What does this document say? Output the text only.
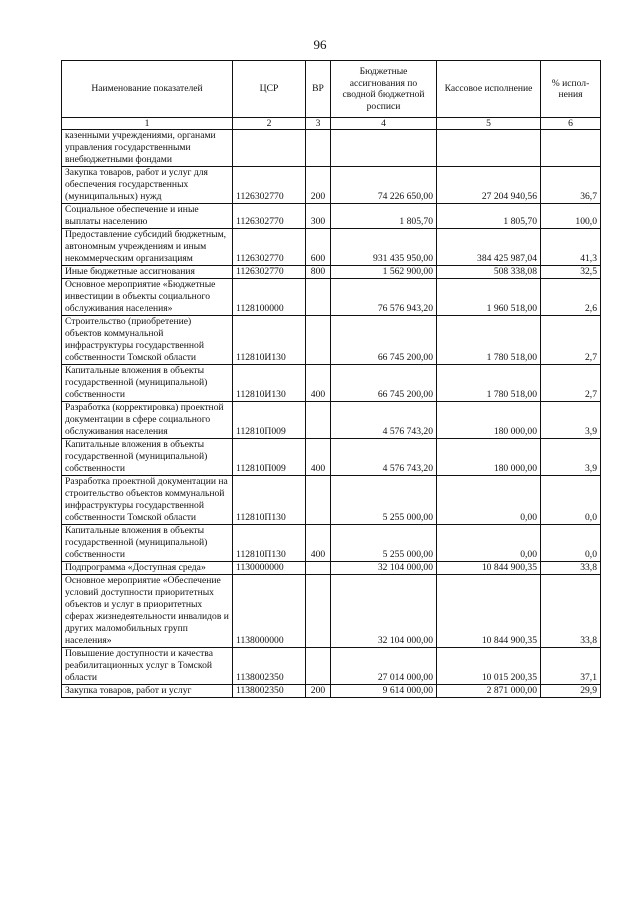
96
Наименование показателей	ЦСР	ВР	Бюджетные ассигнования по сводной бюджетной росписи	Кассовое исполнение	% испол-нения
1	2	3	4	5	6
казенными учреждениями, органами управления государственными внебюджетными фондами					
Закупка товаров, работ и услуг для обеспечения государственных (муниципальных) нужд	1126302770	200	74 226 650,00	27 204 940,56	36,7
Социальное обеспечение и иные выплаты населению	1126302770	300	1 805,70	1 805,70	100,0
Предоставление субсидий бюджетным, автономным учреждениям и иным некоммерческим организациям	1126302770	600	931 435 950,00	384 425 987,04	41,3
Иные бюджетные ассигнования	1126302770	800	1 562 900,00	508 338,08	32,5
Основное мероприятие «Бюджетные инвестиции в объекты социального обслуживания населения»	1128100000		76 576 943,20	1 960 518,00	2,6
Строительство (приобретение) объектов коммунальной инфраструктуры государственной собственности Томской области	112810И130		66 745 200,00	1 780 518,00	2,7
Капитальные вложения в объекты государственной (муниципальной) собственности	112810И130	400	66 745 200,00	1 780 518,00	2,7
Разработка (корректировка) проектной документации в сфере социального обслуживания населения	112810П009		4 576 743,20	180 000,00	3,9
Капитальные вложения в объекты государственной (муниципальной) собственности	112810П009	400	4 576 743,20	180 000,00	3,9
Разработка проектной документации на строительство объектов коммунальной инфраструктуры государственной собственности Томской области	112810П130		5 255 000,00	0,00	0,0
Капитальные вложения в объекты государственной (муниципальной) собственности	112810П130	400	5 255 000,00	0,00	0,0
Подпрограмма «Доступная среда»	1130000000		32 104 000,00	10 844 900,35	33,8
Основное мероприятие «Обеспечение условий доступности приоритетных объектов и услуг в приоритетных сферах жизнедеятельности инвалидов и других маломобильных групп населения»	1138000000		32 104 000,00	10 844 900,35	33,8
Повышение доступности и качества реабилитационных услуг в Томской области	1138002350		27 014 000,00	10 015 200,35	37,1
Закупка товаров, работ и услуг	1138002350	200	9 614 000,00	2 871 000,00	29,9
